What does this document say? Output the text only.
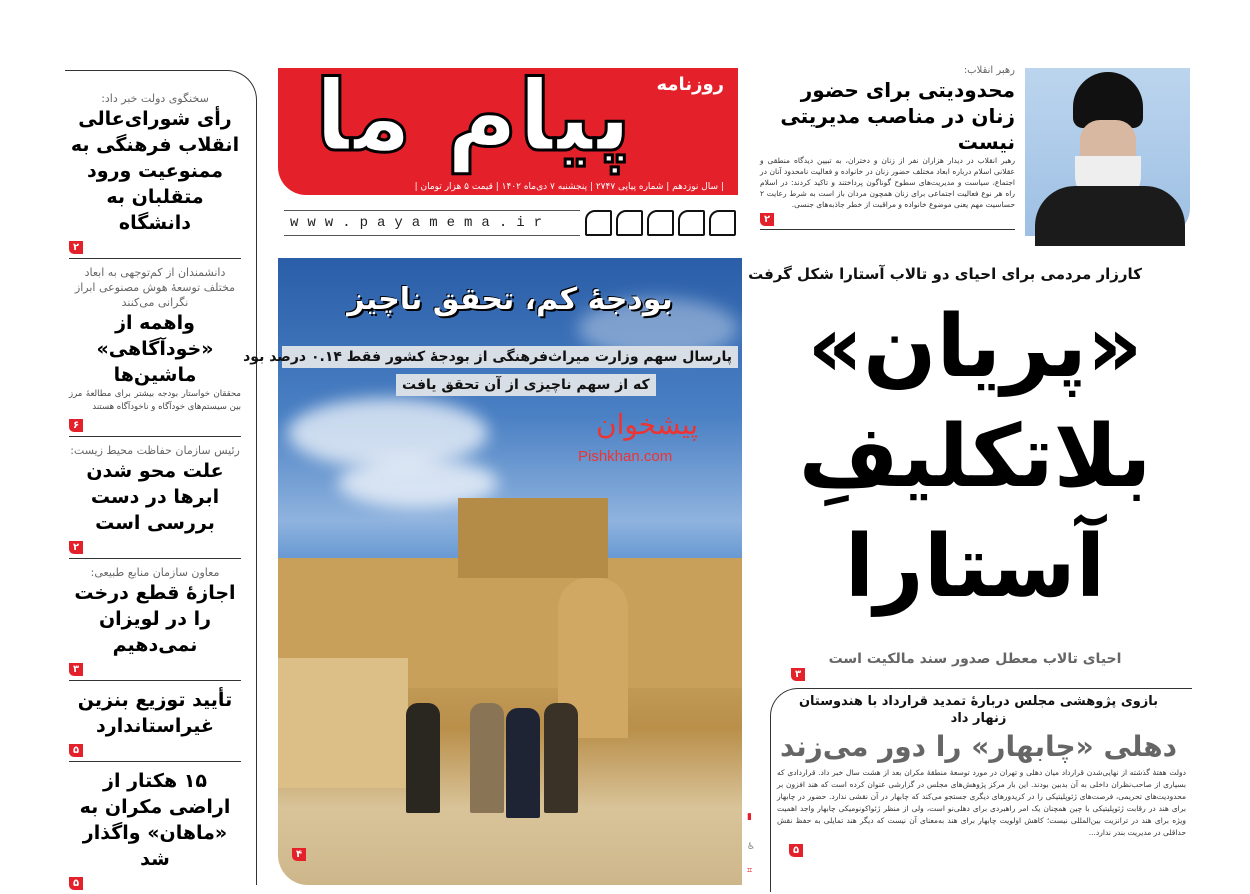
سخنگوی دولت خبر داد:
رأی شورای‌عالی انقلاب فرهنگی به ممنوعیت ورود متقلبان به دانشگاه
۲
دانشمندان از کم‌توجهی به ابعاد مختلف توسعهٔ هوش مصنوعی ابراز نگرانی می‌کنند
واهمه از «خودآگاهی» ماشین‌ها
محققان خواستار بودجه بیشتر برای مطالعهٔ مرز بین سیستم‌های خودآگاه و ناخودآگاه هستند
۶
رئیس سازمان حفاظت محیط زیست:
علت محو شدن ابرها در دست بررسی است
۲
معاون سازمان منابع طبیعی:
اجازهٔ قطع درخت را در لویزان نمی‌دهیم
۳
تأیید توزیع بنزین غیراستاندارد
۵
۱۵ هکتار از اراضی مکران به «ماهان» واگذار شد
۵
پیام ما	روزنامه
| سال نوزدهم | شماره پیاپی ۲۷۴۷ | پنجشنبه ۷ دی‌ماه ۱۴۰۲ | قیمت ۵ هزار تومان |
www.payamema.ir
بودجهٔ کم، تحقق ناچیز
پارسال سهم وزارت میراث‌فرهنگی از بودجهٔ کشور فقط ۰.۱۴ درصد بود
که از سهم ناچیزی از آن تحقق یافت
پیشخوان
Pishkhan.com
۴
▮
♿
⌗
رهبر انقلاب:
محدودیتی برای حضور زنان در مناصب مدیریتی نیست

رهبر انقلاب در دیدار هزاران نفر از زنان و دختران، به تبیین دیدگاه منطقی و عقلانی اسلام درباره ابعاد مختلف حضور زنان در خانواده و فعالیت نامحدود آنان در اجتماع، سیاست و مدیریت‌های سطوح گوناگون پرداختند و تاکید کردند: در اسلام راه هر نوع فعالیت اجتماعی برای زنان همچون مردان باز است به شرط رعایت ۲ حساسیت مهم یعنی موضوع خانواده و مراقبت از خطر جاذبه‌های جنسی.

۲
کارزار مردمی برای احیای دو تالاب آستارا شکل گرفت
«پریان»
بلاتکلیفِ
آستارا
احیای تالاب معطل صدور سند مالکیت است
۳
بازوی پژوهشی مجلس دربارهٔ تمدید قرارداد با هندوستان زنهار داد
دهلی «چابهار» را دور می‌زند

دولت هفتهٔ گذشته از نهایی‌شدن قرارداد میان دهلی و تهران در مورد توسعهٔ منطقهٔ مکران بعد از هشت سال خبر داد. قراردادی که بسیاری از صاحب‌نظران داخلی به آن بدبین بودند. این بار مرکز پژوهش‌های مجلس در گزارشی عنوان کرده است که هند افزون بر محدودیت‌های تحریمی، فرصت‌های ژئوپلیتیکی را در کریدورهای دیگری جستجو می‌کند که چابهار در آن نقشی ندارد. حضور در چابهار برای هند در رقابت ژئوپلیتیکی با چین همچنان یک امر راهبردی برای دهلی‌نو است، ولی از منظر ژئواکونومیکی چابهار واجد اهمیت ویژه برای هند در ترانزیت بین‌المللی نیست؛ کاهش اولویت چابهار برای هند به‌معنای آن نیست که دیگر هند تمایلی به حفظ نقش حداقلی در مدیریت بندر ندارد...

۵
